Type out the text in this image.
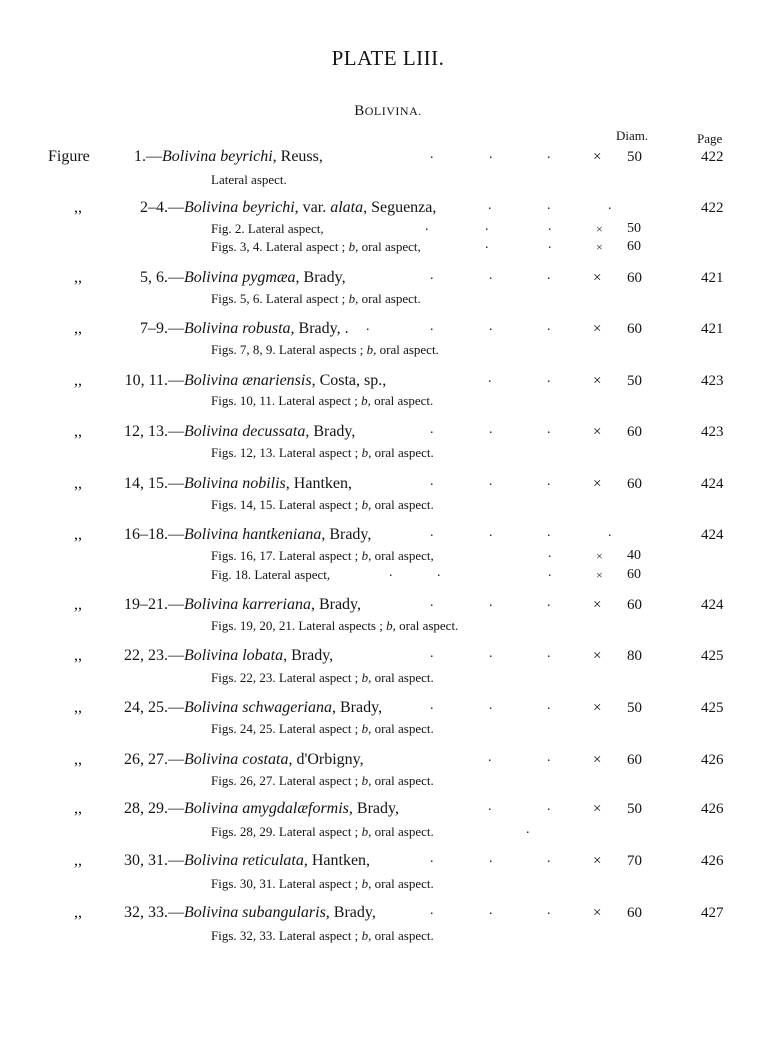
PLATE LIII.
BOLIVINA.
Diam.	Page
Figure	1.—Bolivina beyrichi, Reuss,	.	.	.	× 50	422
Lateral aspect.
,,	2–4.—Bolivina beyrichi, var. alata, Seguenza,	.	.	.	422
Fig. 2. Lateral aspect,	.	.	.	× 50
Figs. 3, 4. Lateral aspect ; b, oral aspect,	.	.	× 60
,,	5, 6.—Bolivina pygmæa, Brady,	.	.	.	× 60	421
Figs. 5, 6. Lateral aspect ; b, oral aspect.
,,	7–9.—Bolivina robusta, Brady, .	.	.	.	.	× 60	421
Figs. 7, 8, 9. Lateral aspects ; b, oral aspect.
,,	10, 11.—Bolivina ænariensis, Costa, sp.,	.	.	× 50	423
Figs. 10, 11. Lateral aspect ; b, oral aspect.
,,	12, 13.—Bolivina decussata, Brady,	.	.	.	× 60	423
Figs. 12, 13. Lateral aspect ; b, oral aspect.
,,	14, 15.—Bolivina nobilis, Hantken,	.	.	.	× 60	424
Figs. 14, 15. Lateral aspect ; b, oral aspect.
,,	16–18.—Bolivina hantkeniana, Brady,	.	.	.	.	424
Figs. 16, 17. Lateral aspect ; b, oral aspect,	.	× 40
Fig. 18. Lateral aspect,	.	.	.	× 60
,,	19–21.—Bolivina karreriana, Brady,	.	.	.	× 60	424
Figs. 19, 20, 21. Lateral aspects ; b, oral aspect.
,,	22, 23.—Bolivina lobata, Brady,	.	.	.	× 80	425
Figs. 22, 23. Lateral aspect ; b, oral aspect.
,,	24, 25.—Bolivina schwageriana, Brady,	.	.	.	× 50	425
Figs. 24, 25. Lateral aspect ; b, oral aspect.
,,	26, 27.—Bolivina costata, d'Orbigny,	.	.	× 60	426
Figs. 26, 27. Lateral aspect ; b, oral aspect.
,,	28, 29.—Bolivina amygdalæformis, Brady,	.	.	× 50	426
Figs. 28, 29. Lateral aspect ; b, oral aspect.	.
,,	30, 31.—Bolivina reticulata, Hantken,	.	.	.	× 70	426
Figs. 30, 31. Lateral aspect ; b, oral aspect.
,,	32, 33.—Bolivina subangularis, Brady,	.	.	.	× 60	427
Figs. 32, 33. Lateral aspect ; b, oral aspect.
